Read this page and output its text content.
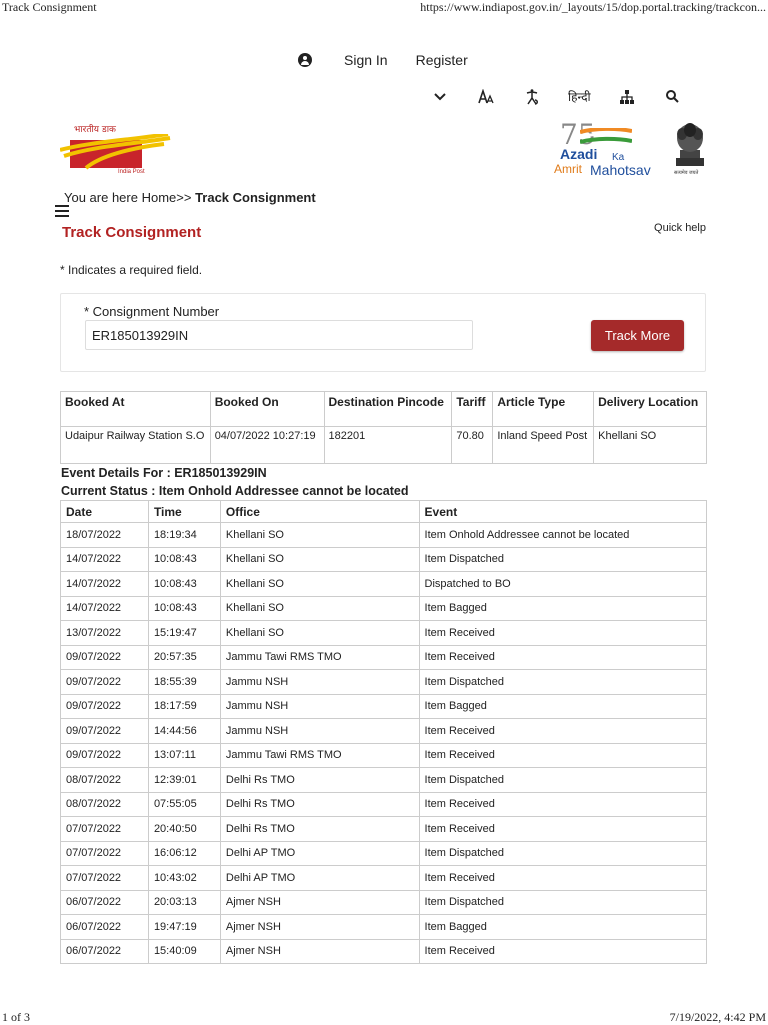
Track Consignment	https://www.indiapost.gov.in/_layouts/15/dop.portal.tracking/trackcon...
1 of 3	7/19/2022, 4:42 PM
Sign In Register
हिन्दी
भारतीय डाक
India Post
75
Azadi Ka
Amrit Mahotsav	सत्यमेव जयते
You are here Home>> Track Consignment
Track Consignment	Quick help
* Indicates a required field.
* Consignment Number
ER185013929IN
Track More
Booked At	Booked On	Destination Pincode	Tariff	Article Type	Delivery Location
Udaipur Railway Station S.O	04/07/2022 10:27:19	182201	70.80	Inland Speed Post	Khellani SO
Event Details For : ER185013929IN
Current Status : Item Onhold Addressee cannot be located
Date	Time	Office	Event
18/07/2022	18:19:34	Khellani SO	Item Onhold Addressee cannot be located
14/07/2022	10:08:43	Khellani SO	Item Dispatched
14/07/2022	10:08:43	Khellani SO	Dispatched to BO
14/07/2022	10:08:43	Khellani SO	Item Bagged
13/07/2022	15:19:47	Khellani SO	Item Received
09/07/2022	20:57:35	Jammu Tawi RMS TMO	Item Received
09/07/2022	18:55:39	Jammu NSH	Item Dispatched
09/07/2022	18:17:59	Jammu NSH	Item Bagged
09/07/2022	14:44:56	Jammu NSH	Item Received
09/07/2022	13:07:11	Jammu Tawi RMS TMO	Item Received
08/07/2022	12:39:01	Delhi Rs TMO	Item Dispatched
08/07/2022	07:55:05	Delhi Rs TMO	Item Received
07/07/2022	20:40:50	Delhi Rs TMO	Item Received
07/07/2022	16:06:12	Delhi AP TMO	Item Dispatched
07/07/2022	10:43:02	Delhi AP TMO	Item Received
06/07/2022	20:03:13	Ajmer NSH	Item Dispatched
06/07/2022	19:47:19	Ajmer NSH	Item Bagged
06/07/2022	15:40:09	Ajmer NSH	Item Received
